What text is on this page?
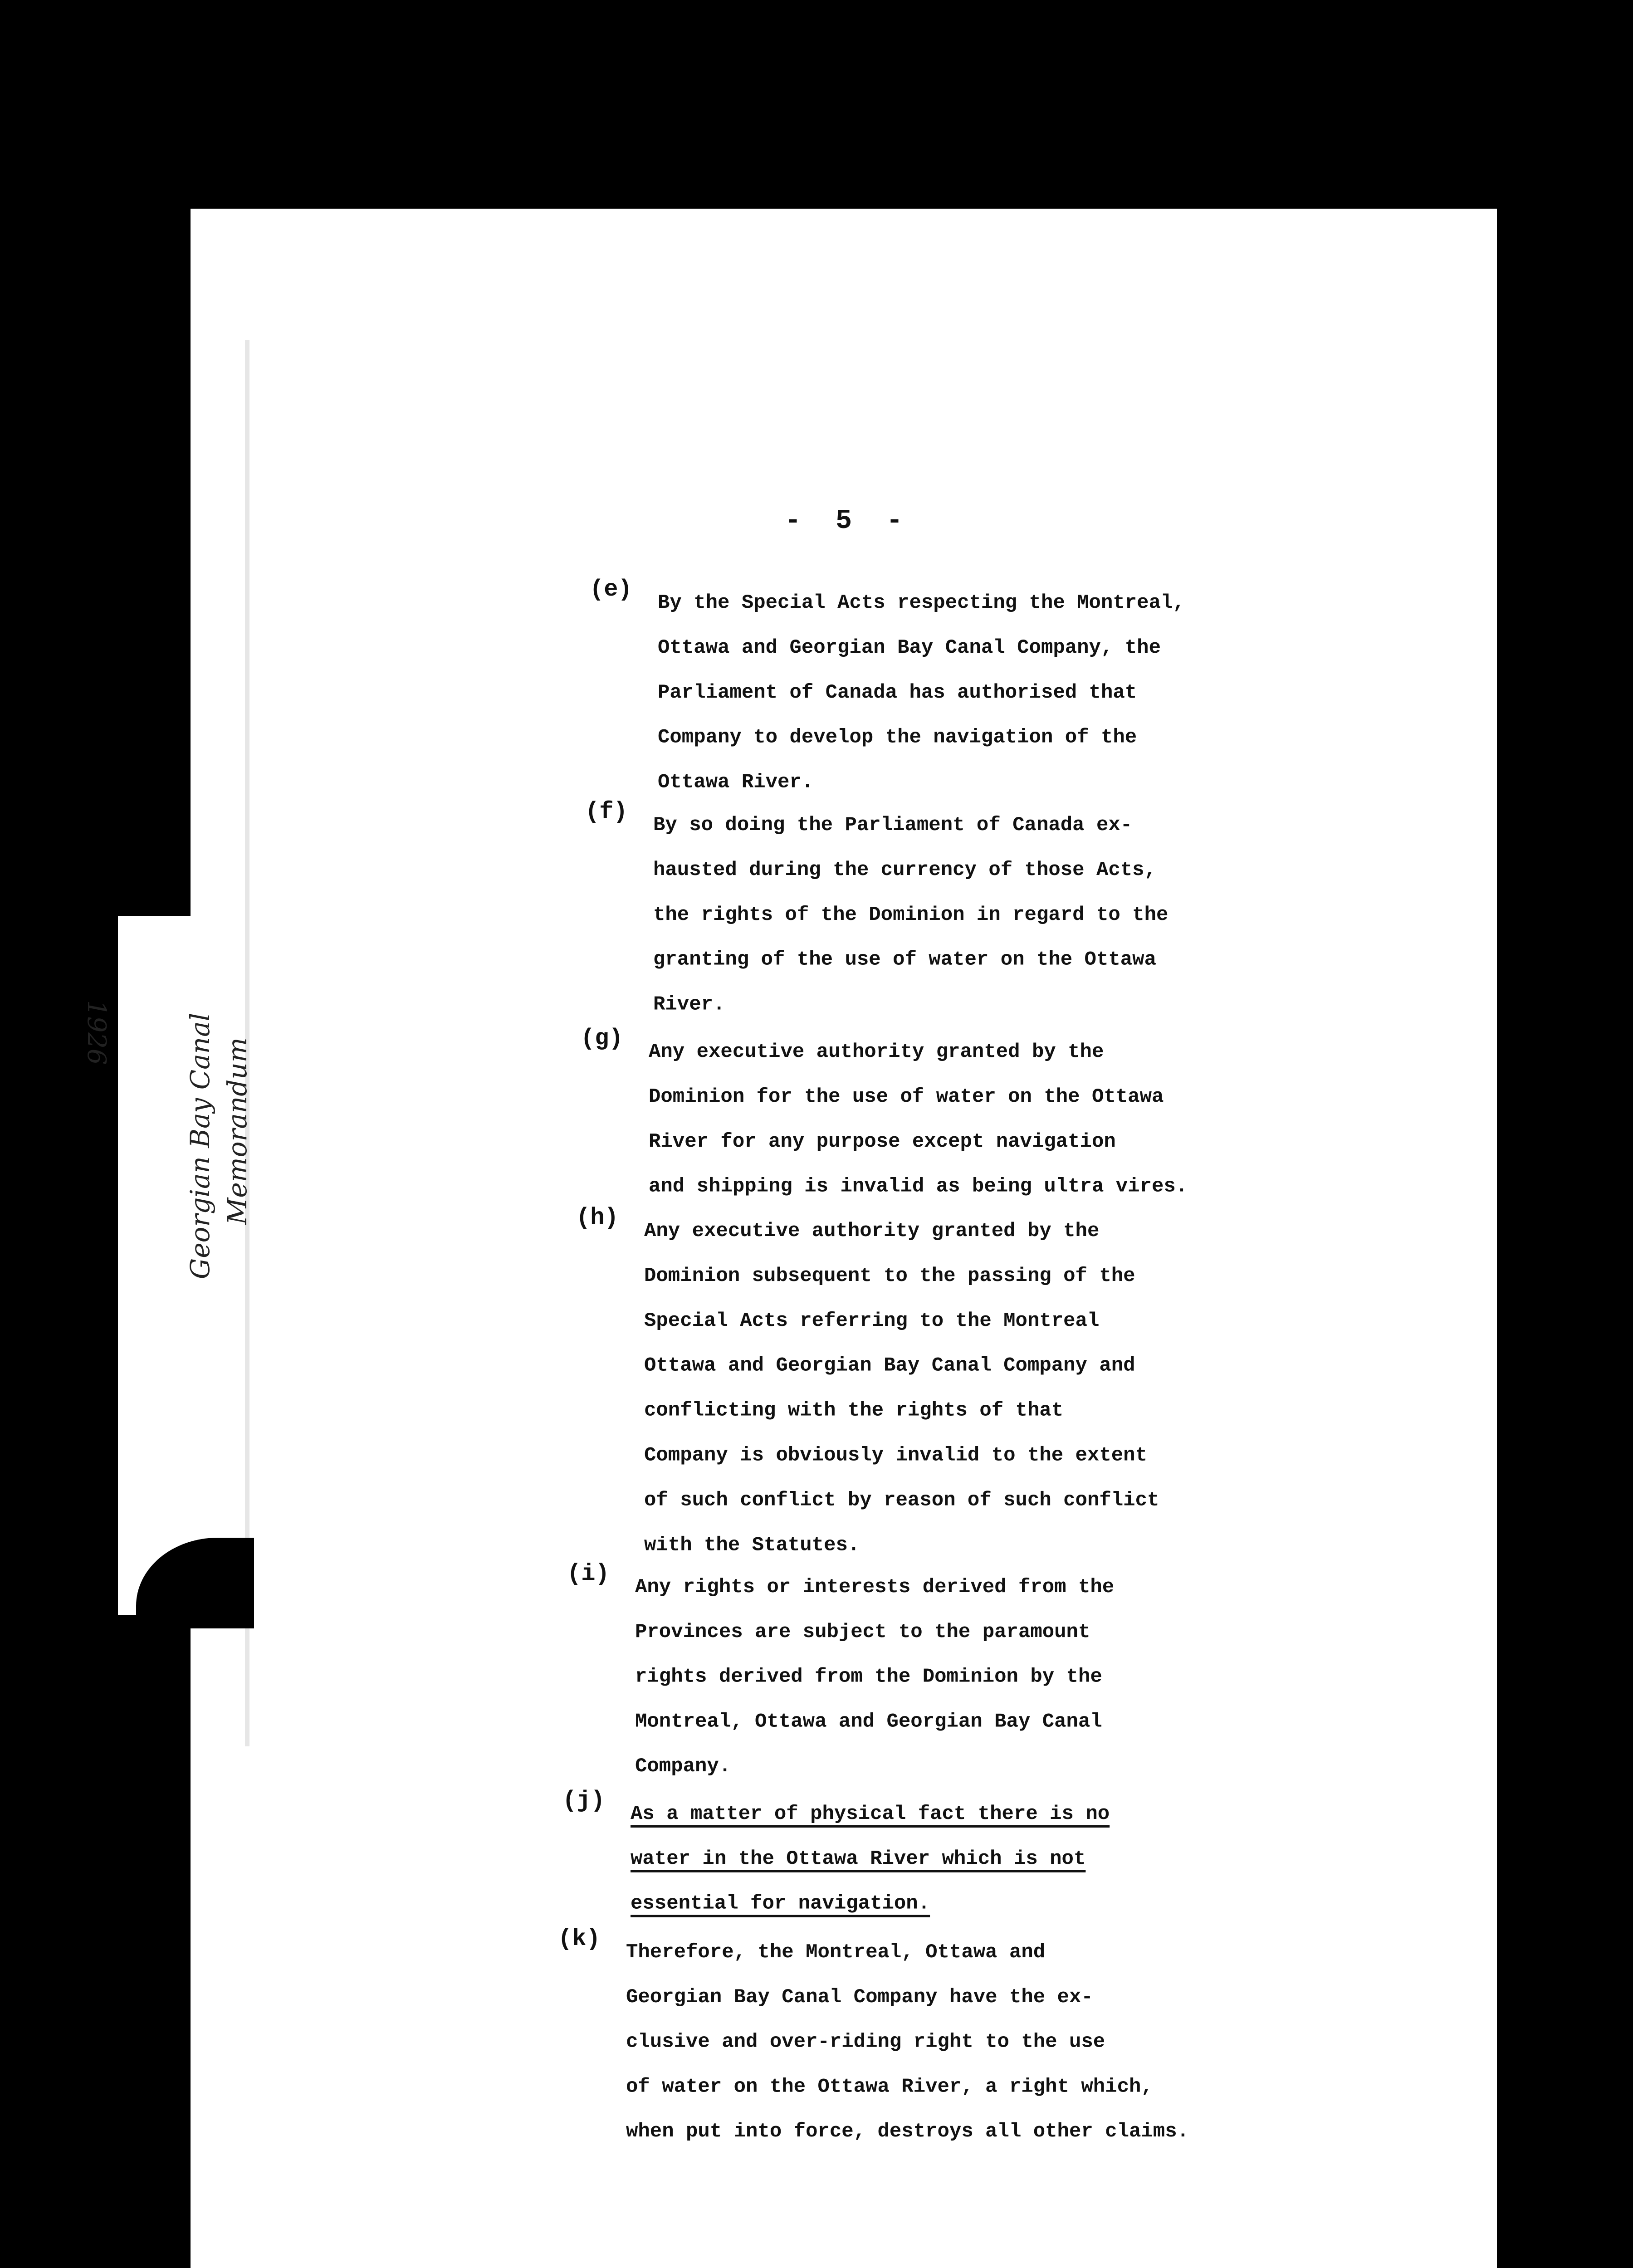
- 5 -
(e)	By the Special Acts respecting the Montreal,
Ottawa and Georgian Bay Canal Company, the
Parliament of Canada has authorised that
Company to develop the navigation of the
Ottawa River.
(f)	By so doing the Parliament of Canada ex-
hausted during the currency of those Acts,
the rights of the Dominion in regard to the
granting of the use of water on the Ottawa
River.
(g)	Any executive authority granted by the
Dominion for the use of water on the Ottawa
River for any purpose except navigation
and shipping is invalid as being ultra vires.
(h)	Any executive authority granted by the
Dominion subsequent to the passing of the
Special Acts referring to the Montreal
Ottawa and Georgian Bay Canal Company and
conflicting with the rights of that
Company is obviously invalid to the extent
of such conflict by reason of such conflict
with the Statutes.
(i)	Any rights or interests derived from the
Provinces are subject to the paramount
rights derived from the Dominion by the
Montreal, Ottawa and Georgian Bay Canal
Company.
(j)	As a matter of physical fact there is no
water in the Ottawa River which is not
essential for navigation.
(k)	Therefore, the Montreal, Ottawa and
Georgian Bay Canal Company have the ex-
clusive and over-riding right to the use
of water on the Ottawa River, a right which,
when put into force, destroys all other claims.
1926	Georgian Bay Canal Memorandum
